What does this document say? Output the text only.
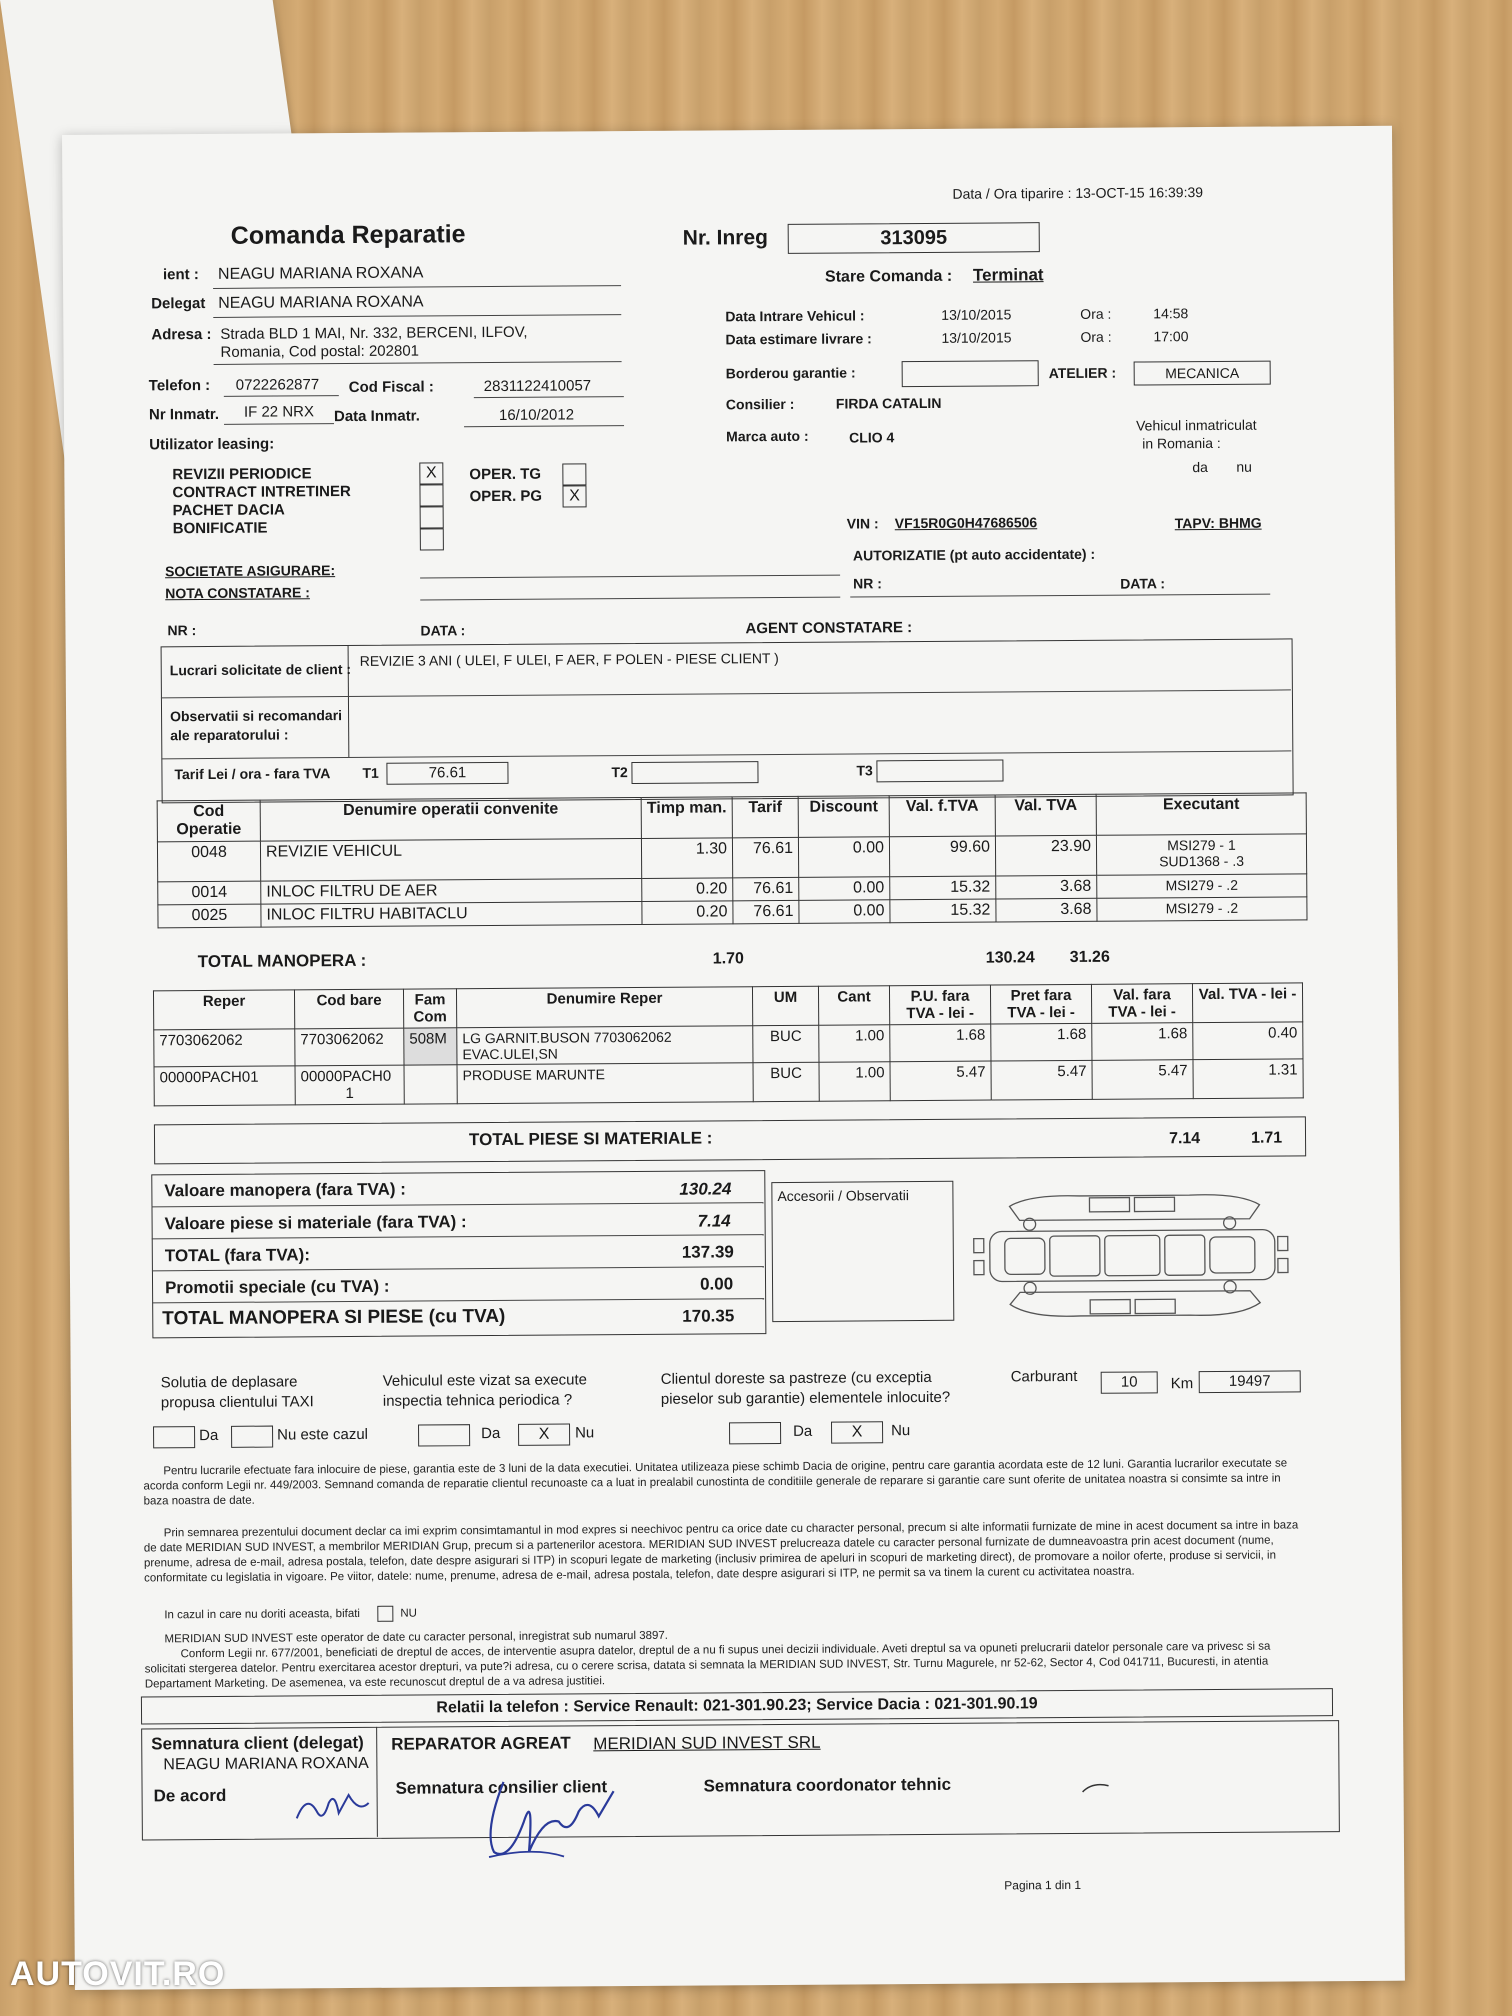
Data / Ora tiparire : 13-OCT-15 16:39:39
Comanda Reparatie	Nr. Inreg	313095
ient : NEAGU MARIANA ROXANA
Delegat NEAGU MARIANA ROXANA
Adresa : Strada BLD 1 MAI, Nr. 332, BERCENI, ILFOV,
Romania, Cod postal: 202801
Telefon : 0722262877 Cod Fiscal :	2831122410057
Nr Inmatr. IF 22 NRX Data Inmatr.	16/10/2012
Utilizator leasing:
Stare Comanda : Terminat
Data Intrare Vehicul :	13/10/2015	Ora :	14:58
Data estimare livrare :	13/10/2015	Ora :	17:00
Borderou garantie :	ATELIER :	MECANICA
Consilier :	FIRDA CATALIN
Marca auto :	CLIO 4
Vehicul inmatriculat
in Romania :
da nu
REVIZII PERIODICE
CONTRACT INTRETINER
PACHET DACIA
BONIFICATIE
X	OPER. TG
OPER. PG	X
VIN : VF15R0G0H47686506	TAPV: BHMG
AUTORIZATIE (pt auto accidentate) :
NR :	DATA :
SOCIETATE ASIGURARE:
NOTA CONSTATARE :
NR :	DATA :	AGENT CONSTATARE :
Lucrari solicitate de client :
REVIZIE 3 ANI ( ULEI, F ULEI, F AER, F POLEN - PIESE CLIENT )
Observatii si recomandari
ale reparatorului :
Tarif Lei / ora - fara TVA T1	76.61	T2	T3
Cod Operatie	Denumire operatii convenite	Timp man.	Tarif	Discount	Val. f.TVA	Val. TVA	Executant
0048	REVIZIE VEHICUL	1.30	76.61	0.00	99.60	23.90	MSI279 - 1
SUD1368 - .3

0014	INLOC FILTRU DE AER	0.20	76.61	0.00	15.32	3.68	MSI279 - .2
0025	INLOC FILTRU HABITACLU	0.20	76.61	0.00	15.32	3.68	MSI279 - .2
TOTAL MANOPERA :	1.70	130.24 31.26
Reper	Cod bare	Fam Com	Denumire Reper	UM	Cant	P.U. fara TVA - lei -	Pret fara TVA - lei -	Val. fara TVA - lei -	Val. TVA - lei -
7703062062	7703062062	508M	LG GARNIT.BUSON 7703062062
EVAC.ULEI,SN	BUC	1.00	1.68	1.68	1.68	0.40
00000PACH01	00000PACH0
1		PRODUSE MARUNTE	BUC	1.00	5.47	5.47	5.47	1.31
TOTAL PIESE SI MATERIALE :	7.14	1.71
Valoare manopera (fara TVA) :	130.24
Valoare piese si materiale (fara TVA) :	7.14
TOTAL (fara TVA):	137.39
Promotii speciale (cu TVA) :	0.00
TOTAL MANOPERA SI PIESE (cu TVA)	170.35
Accesorii / Observatii
Solutia de deplasare
propusa clientului TAXI
Vehiculul este vizat sa execute
inspectia tehnica periodica ?
Clientul doreste sa pastreze (cu exceptia
pieselor sub garantie) elementele inlocuite?
Carburant	10	Km	19497
Da	Nu este cazul	Da	X	Nu	Da	X	Nu
Pentru lucrarile efectuate fara inlocuire de piese, garantia este de 3 luni de la data executiei. Unitatea utilizeaza piese schimb Dacia de origine, pentru care garantia acordata este de 12 luni. Garantia lucrarilor executate se acorda conform Legii nr. 449/2003. Semnand comanda de reparatie clientul recunoaste ca a luat in prealabil cunostinta de conditiile generale de reparare si garantie care sunt oferite de unitatea noastra si consimte sa intre in baza noastra de date.
Prin semnarea prezentului document declar ca imi exprim consimtamantul in mod expres si neechivoc pentru ca orice date cu character personal, precum si alte informatii furnizate de mine in acest document sa intre in baza de date MERIDIAN SUD INVEST, a membrilor MERIDIAN Grup, precum si a partenerilor acestora. MERIDIAN SUD INVEST prelucreaza datele cu caracter personal furnizate de dumneavoastra prin acest document (nume, prenume, adresa de e-mail, adresa postala, telefon, date despre asigurari si ITP) in scopuri legate de marketing (inclusiv primirea de apeluri in scopuri de marketing direct), de promovare a noilor oferte, produse si servicii, in conformitate cu legislatia in vigoare. Pe viitor, datele: nume, prenume, adresa de e-mail, adresa postala, telefon, date despre asigurari si ITP, ne permit sa va tinem la curent cu activitatea noastra.
In cazul in care nu doriti aceasta, bifati	NU
MERIDIAN SUD INVEST este operator de date cu caracter personal, inregistrat sub numarul 3897.
Conform Legii nr. 677/2001, beneficiati de dreptul de acces, de interventie asupra datelor, dreptul de a nu fi supus unei decizii individuale. Aveti dreptul sa va opuneti prelucrarii datelor personale care va privesc si sa solicitati stergerea datelor. Pentru exercitarea acestor drepturi, va pute?i adresa, cu o cerere scrisa, datata si semnata la MERIDIAN SUD INVEST, Str. Turnu Magurele, nr 52-62, Sector 4, Cod 041711, Bucuresti, in atentia Departament Marketing. De asemenea, va este recunoscut dreptul de a va adresa justitiei.
Relatii la telefon : Service Renault: 021-301.90.23; Service Dacia : 021-301.90.19
Semnatura client (delegat)
NEAGU MARIANA ROXANA
De acord
REPARATOR AGREAT MERIDIAN SUD INVEST SRL
Semnatura consilier client	Semnatura coordonator tehnic
Pagina 1 din 1
AUTOVIT.RO
